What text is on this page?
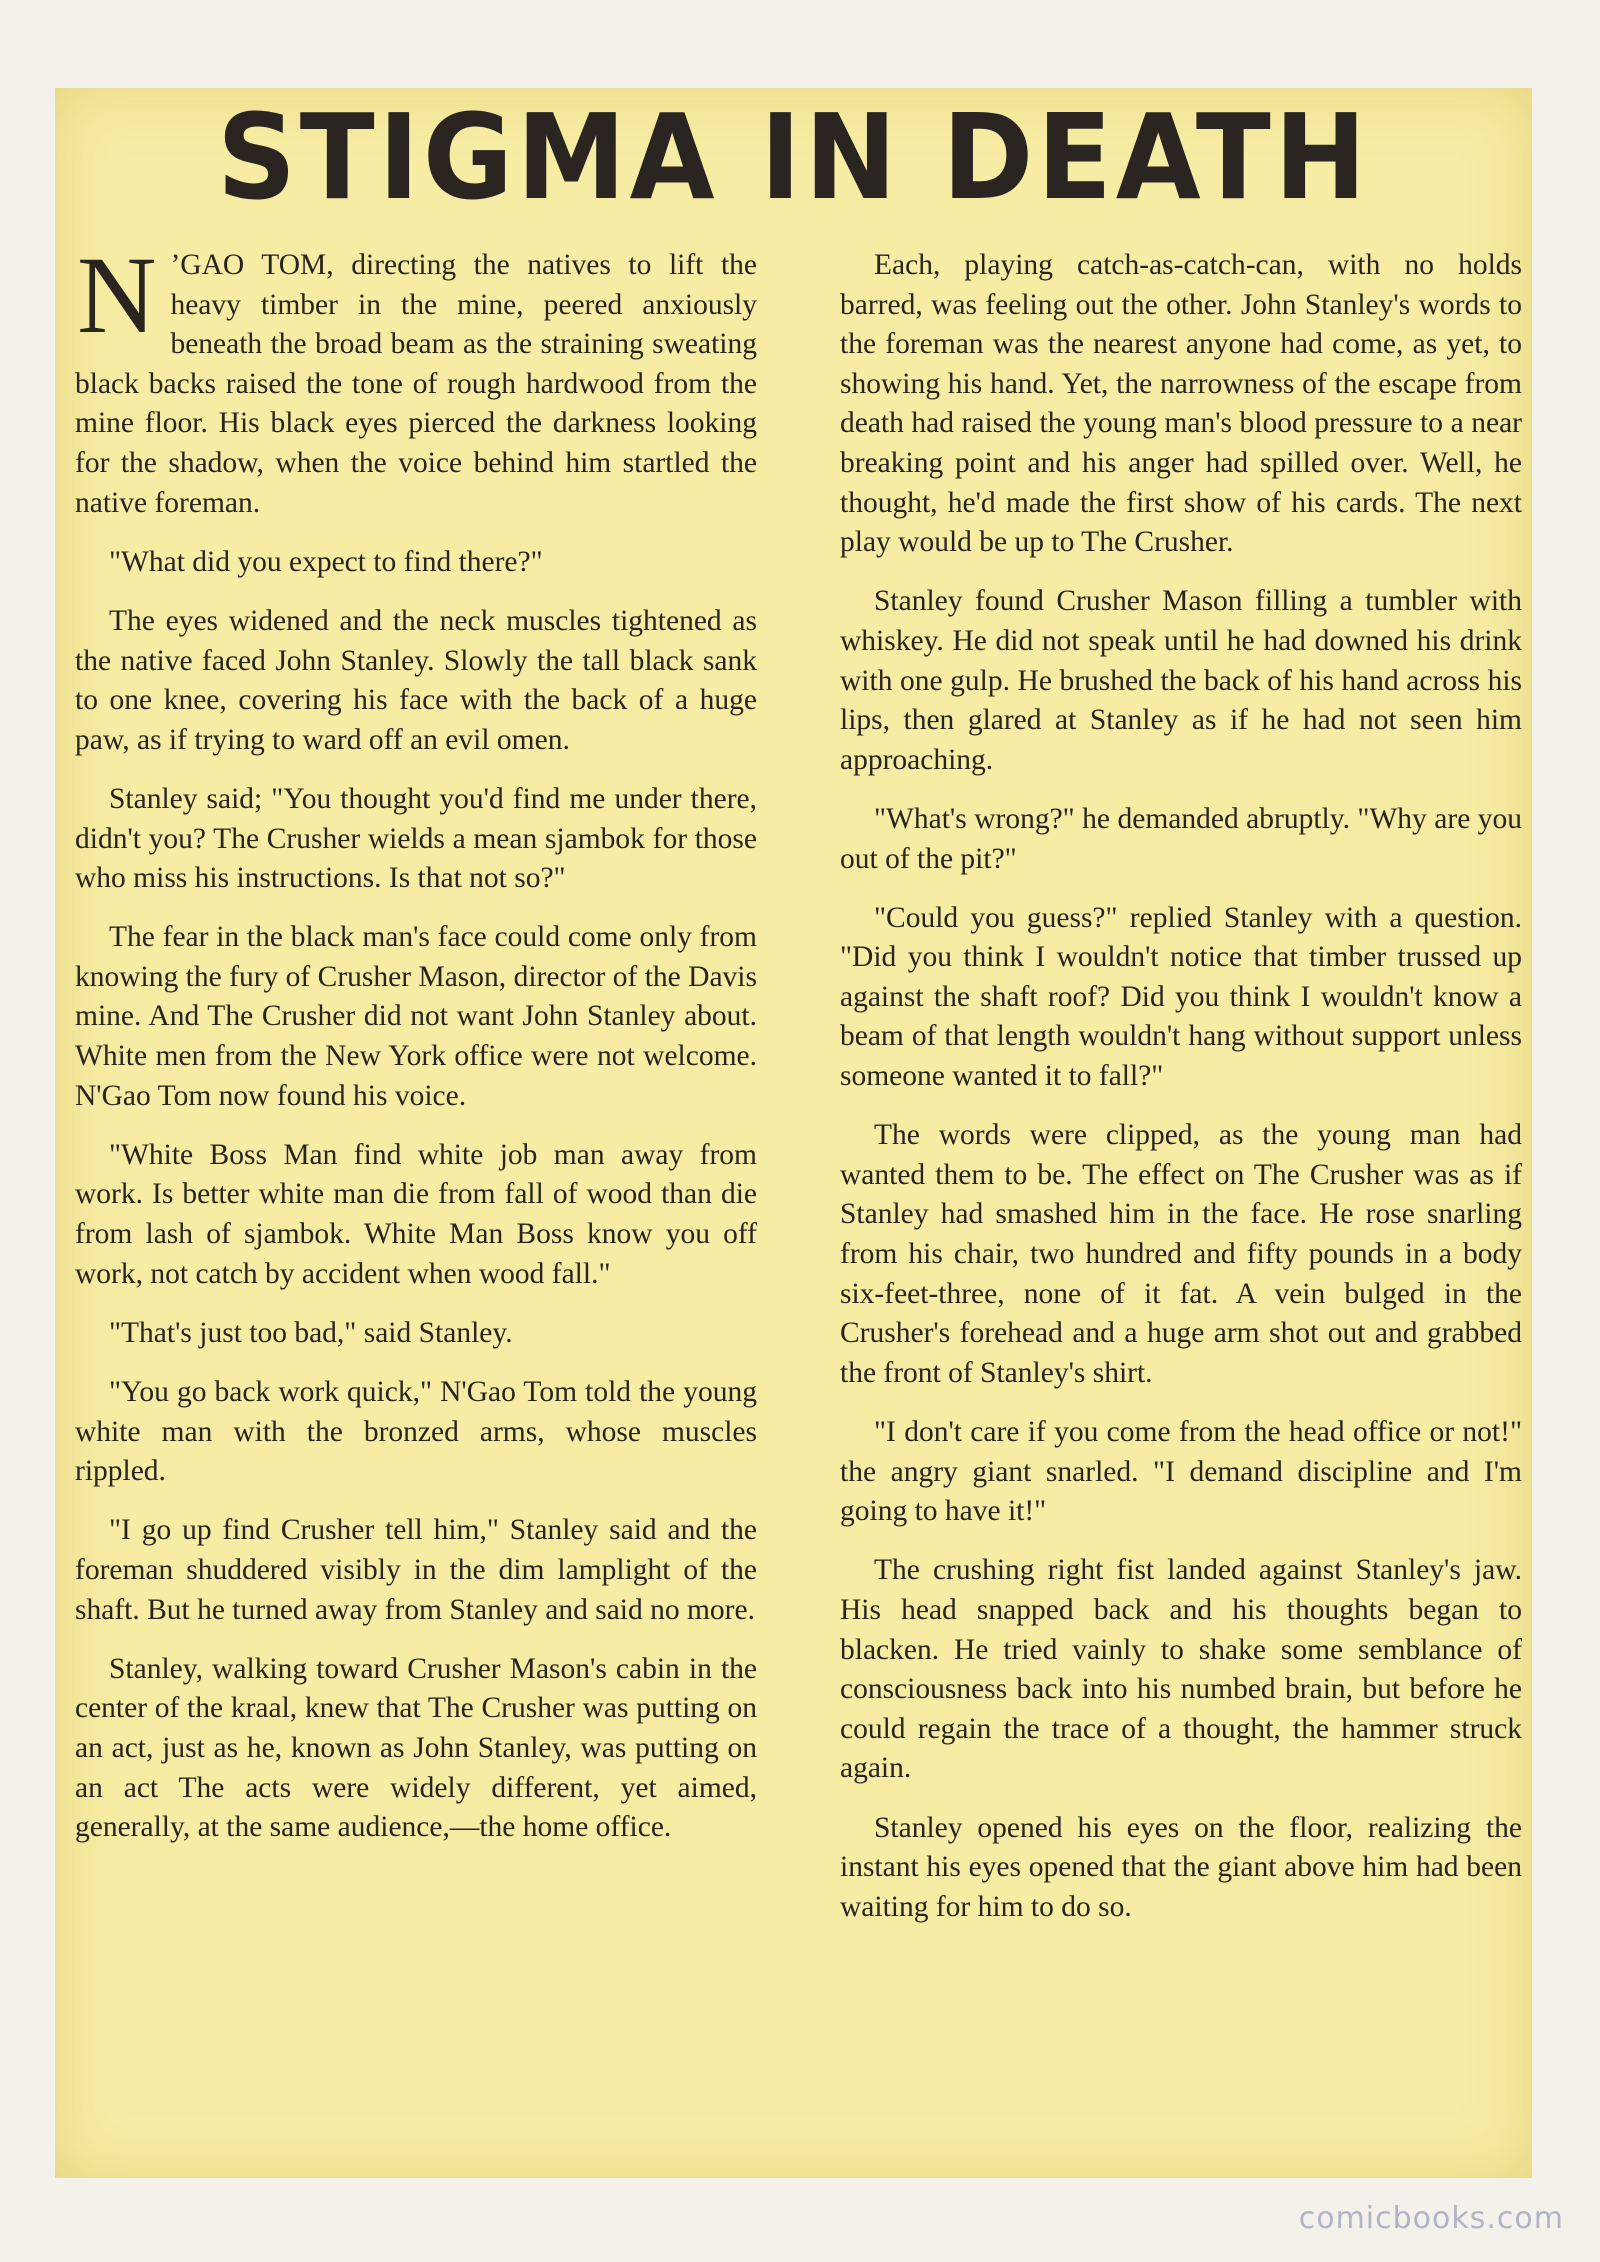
STIGMA IN DEATH

N ’GAO TOM, directing the natives to lift the heavy timber in the mine, peered anxiously beneath the broad beam as the straining sweating black backs raised the tone of rough hardwood from the mine floor. His black eyes pierced the darkness looking for the shadow, when the voice behind him startled the native foreman.

"What did you expect to find there?"

The eyes widened and the neck muscles tightened as the native faced John Stanley. Slowly the tall black sank to one knee, covering his face with the back of a huge paw, as if trying to ward off an evil omen.

Stanley said; "You thought you'd find me under there, didn't you? The Crusher wields a mean sjambok for those who miss his instructions. Is that not so?"

The fear in the black man's face could come only from knowing the fury of Crusher Mason, director of the Davis mine. And The Crusher did not want John Stanley about. White men from the New York office were not welcome. N'Gao Tom now found his voice.

"White Boss Man find white job man away from work. Is better white man die from fall of wood than die from lash of sjambok. White Man Boss know you off work, not catch by accident when wood fall."

"That's just too bad," said Stanley.

"You go back work quick," N'Gao Tom told the young white man with the bronzed arms, whose muscles rippled.

"I go up find Crusher tell him," Stanley said and the foreman shuddered visibly in the dim lamplight of the shaft. But he turned away from Stanley and said no more.

Stanley, walking toward Crusher Mason's cabin in the center of the kraal, knew that The Crusher was putting on an act, just as he, known as John Stanley, was putting on an act The acts were widely different, yet aimed, generally, at the same audience,—the home office.

Each, playing catch-as-catch-can, with no holds barred, was feeling out the other. John Stanley's words to the foreman was the nearest anyone had come, as yet, to showing his hand. Yet, the narrowness of the escape from death had raised the young man's blood pressure to a near breaking point and his anger had spilled over. Well, he thought, he'd made the first show of his cards. The next play would be up to The Crusher.

Stanley found Crusher Mason filling a tumbler with whiskey. He did not speak until he had downed his drink with one gulp. He brushed the back of his hand across his lips, then glared at Stanley as if he had not seen him approaching.

"What's wrong?" he demanded abruptly. "Why are you out of the pit?"

"Could you guess?" replied Stanley with a question. "Did you think I wouldn't notice that timber trussed up against the shaft roof? Did you think I wouldn't know a beam of that length wouldn't hang without support unless someone wanted it to fall?"

The words were clipped, as the young man had wanted them to be. The effect on The Crusher was as if Stanley had smashed him in the face. He rose snarling from his chair, two hundred and fifty pounds in a body six-feet-three, none of it fat. A vein bulged in the Crusher's forehead and a huge arm shot out and grabbed the front of Stanley's shirt.

"I don't care if you come from the head office or not!" the angry giant snarled. "I demand discipline and I'm going to have it!"

The crushing right fist landed against Stanley's jaw. His head snapped back and his thoughts began to blacken. He tried vainly to shake some semblance of consciousness back into his numbed brain, but before he could regain the trace of a thought, the hammer struck again.

Stanley opened his eyes on the floor, realizing the instant his eyes opened that the giant above him had been waiting for him to do so.

comicbooks.com
